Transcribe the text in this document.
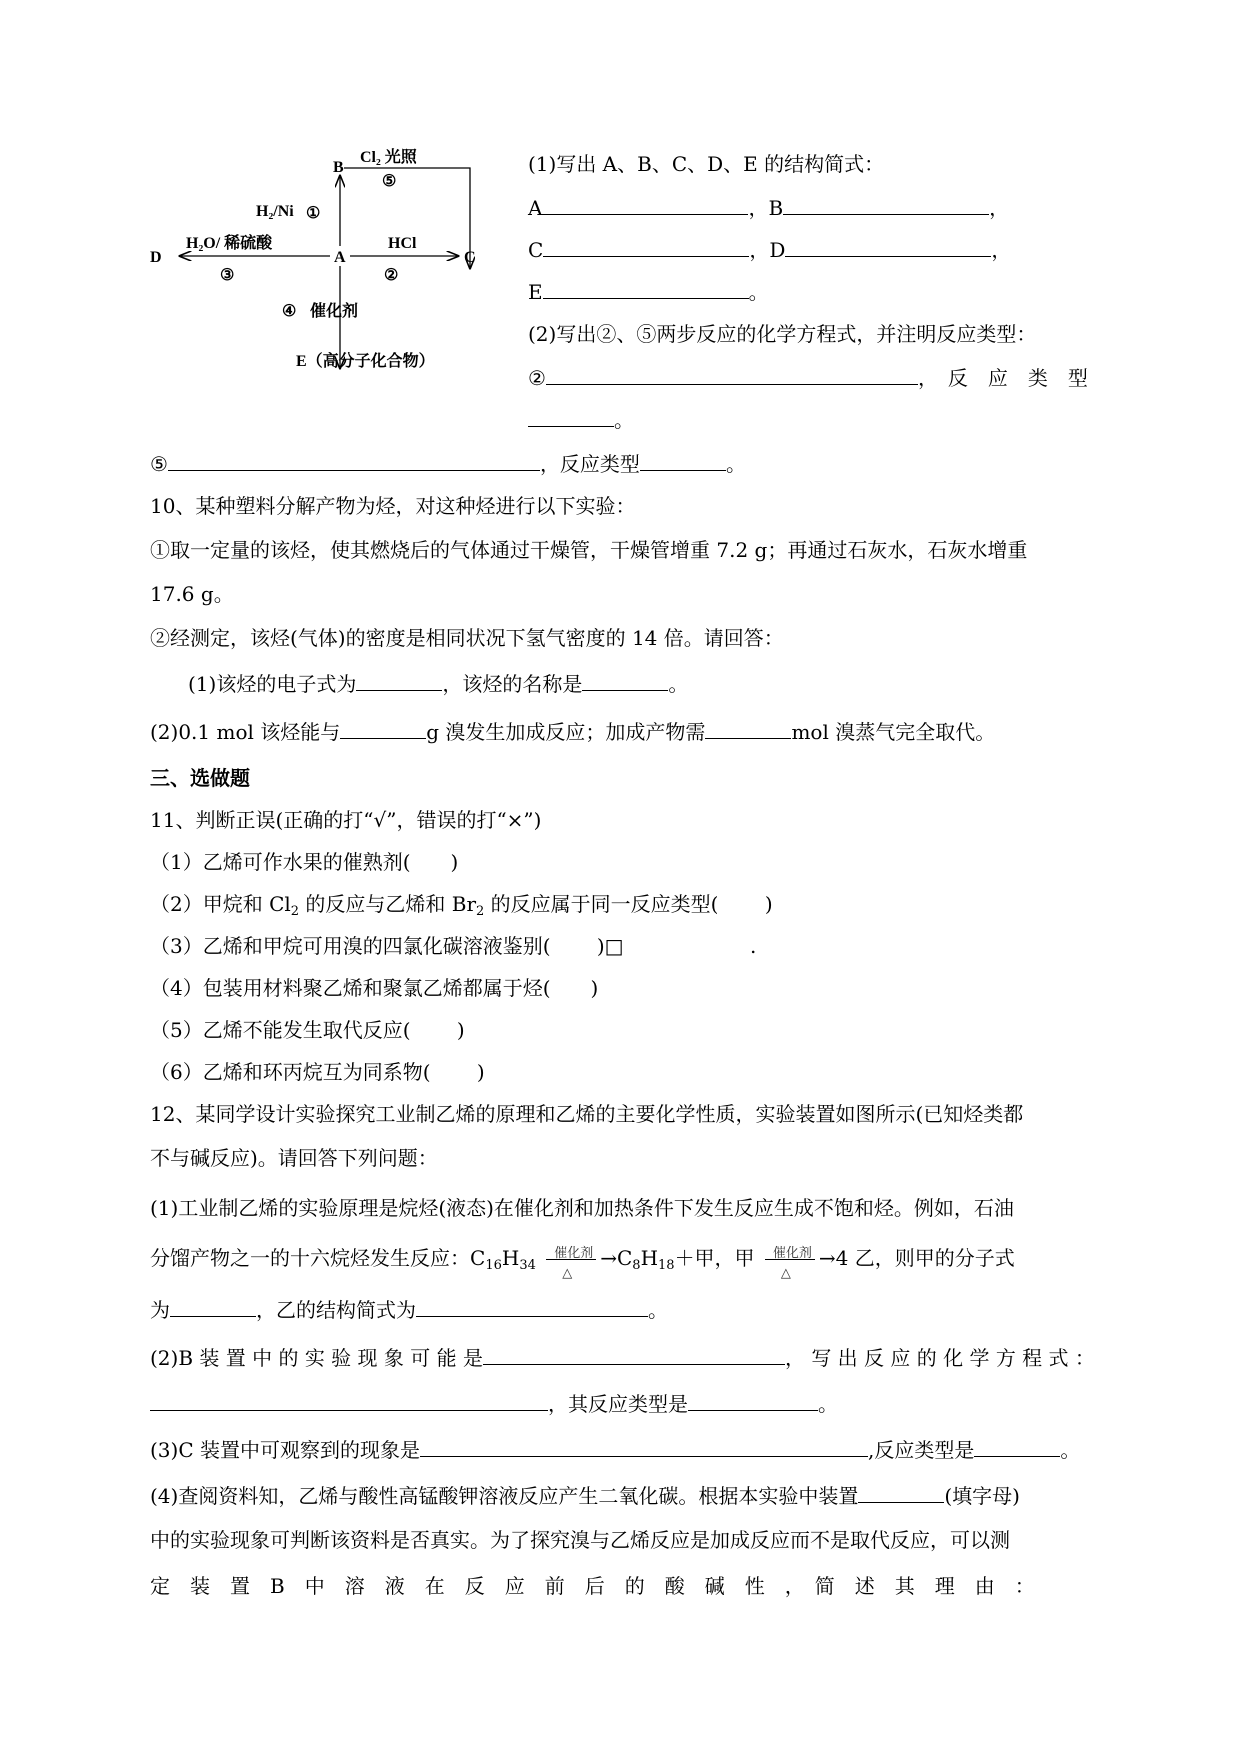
B
A	C
D
E（高分子化合物）
Cl₂ 光照
⑤
H₂/Ni ①
H₂O/ 稀硫酸
③
HCl
②
④ 催化剂
(1)写出 A、B、C、D、E 的结构简式：
A	，B	，
C	，D	，
E	。
(2)写出②、⑤两步反应的化学方程式，并注明反应类型：
②	，　反　应　类　型
。
⑤	，反应类型	。
10、某种塑料分解产物为烃，对这种烃进行以下实验：
①取一定量的该烃，使其燃烧后的气体通过干燥管，干燥管增重 7.2 g；再通过石灰水，石灰水增重
17.6 g。
②经测定，该烃(气体)的密度是相同状况下氢气密度的 14 倍。请回答：
(1)该烃的电子式为	，该烃的名称是	。
(2)0.1 mol 该烃能与	g 溴发生加成反应；加成产物需	mol 溴蒸气完全取代。
三、选做题
11、判断正误(正确的打“√”，错误的打“×”)
（1）乙烯可作水果的催熟剂(　　)
（2）甲烷和 $Cl_2$ 的反应与乙烯和 $Br_2$ 的反应属于同一反应类型(　　 )
（3）乙烯和甲烷可用溴的四氯化碳溶液鉴别(　　 )□	.
（4）包装用材料聚乙烯和聚氯乙烯都属于烃(　　)
（5）乙烯不能发生取代反应(　　 )
（6）乙烯和环丙烷互为同系物(　　 )
12、某同学设计实验探究工业制乙烯的原理和乙烯的主要化学性质，实验装置如图所示(已知烃类都
不与碱反应)。请回答下列问题：
(1)工业制乙烯的实验原理是烷烃(液态)在催化剂和加热条件下发生反应生成不饱和烃。例如，石油
分馏产物之一的十六烷烃发生反应：$C_{16}H_{34}$
催化剂
△
$\to C_8H_{18}+$甲，甲 催化剂
△
→4 乙，则甲的分子式
为	，乙的结构简式为	。
(2)B 装 置 中 的 实 验 现 象 可 能 是	， 写 出 反 应 的 化 学 方 程 式 ：
，其反应类型是	。
(3)C 装置中可观察到的现象是	,反应类型是	。
(4)查阅资料知，乙烯与酸性高锰酸钾溶液反应产生二氧化碳。根据本实验中装置	(填字母)
中的实验现象可判断该资料是否真实。为了探究溴与乙烯反应是加成反应而不是取代反应，可以测
定　装　置　B　中　溶　液　在　反　应　前　后　的　酸　碱　性　，　简　述　其　理　由　：
